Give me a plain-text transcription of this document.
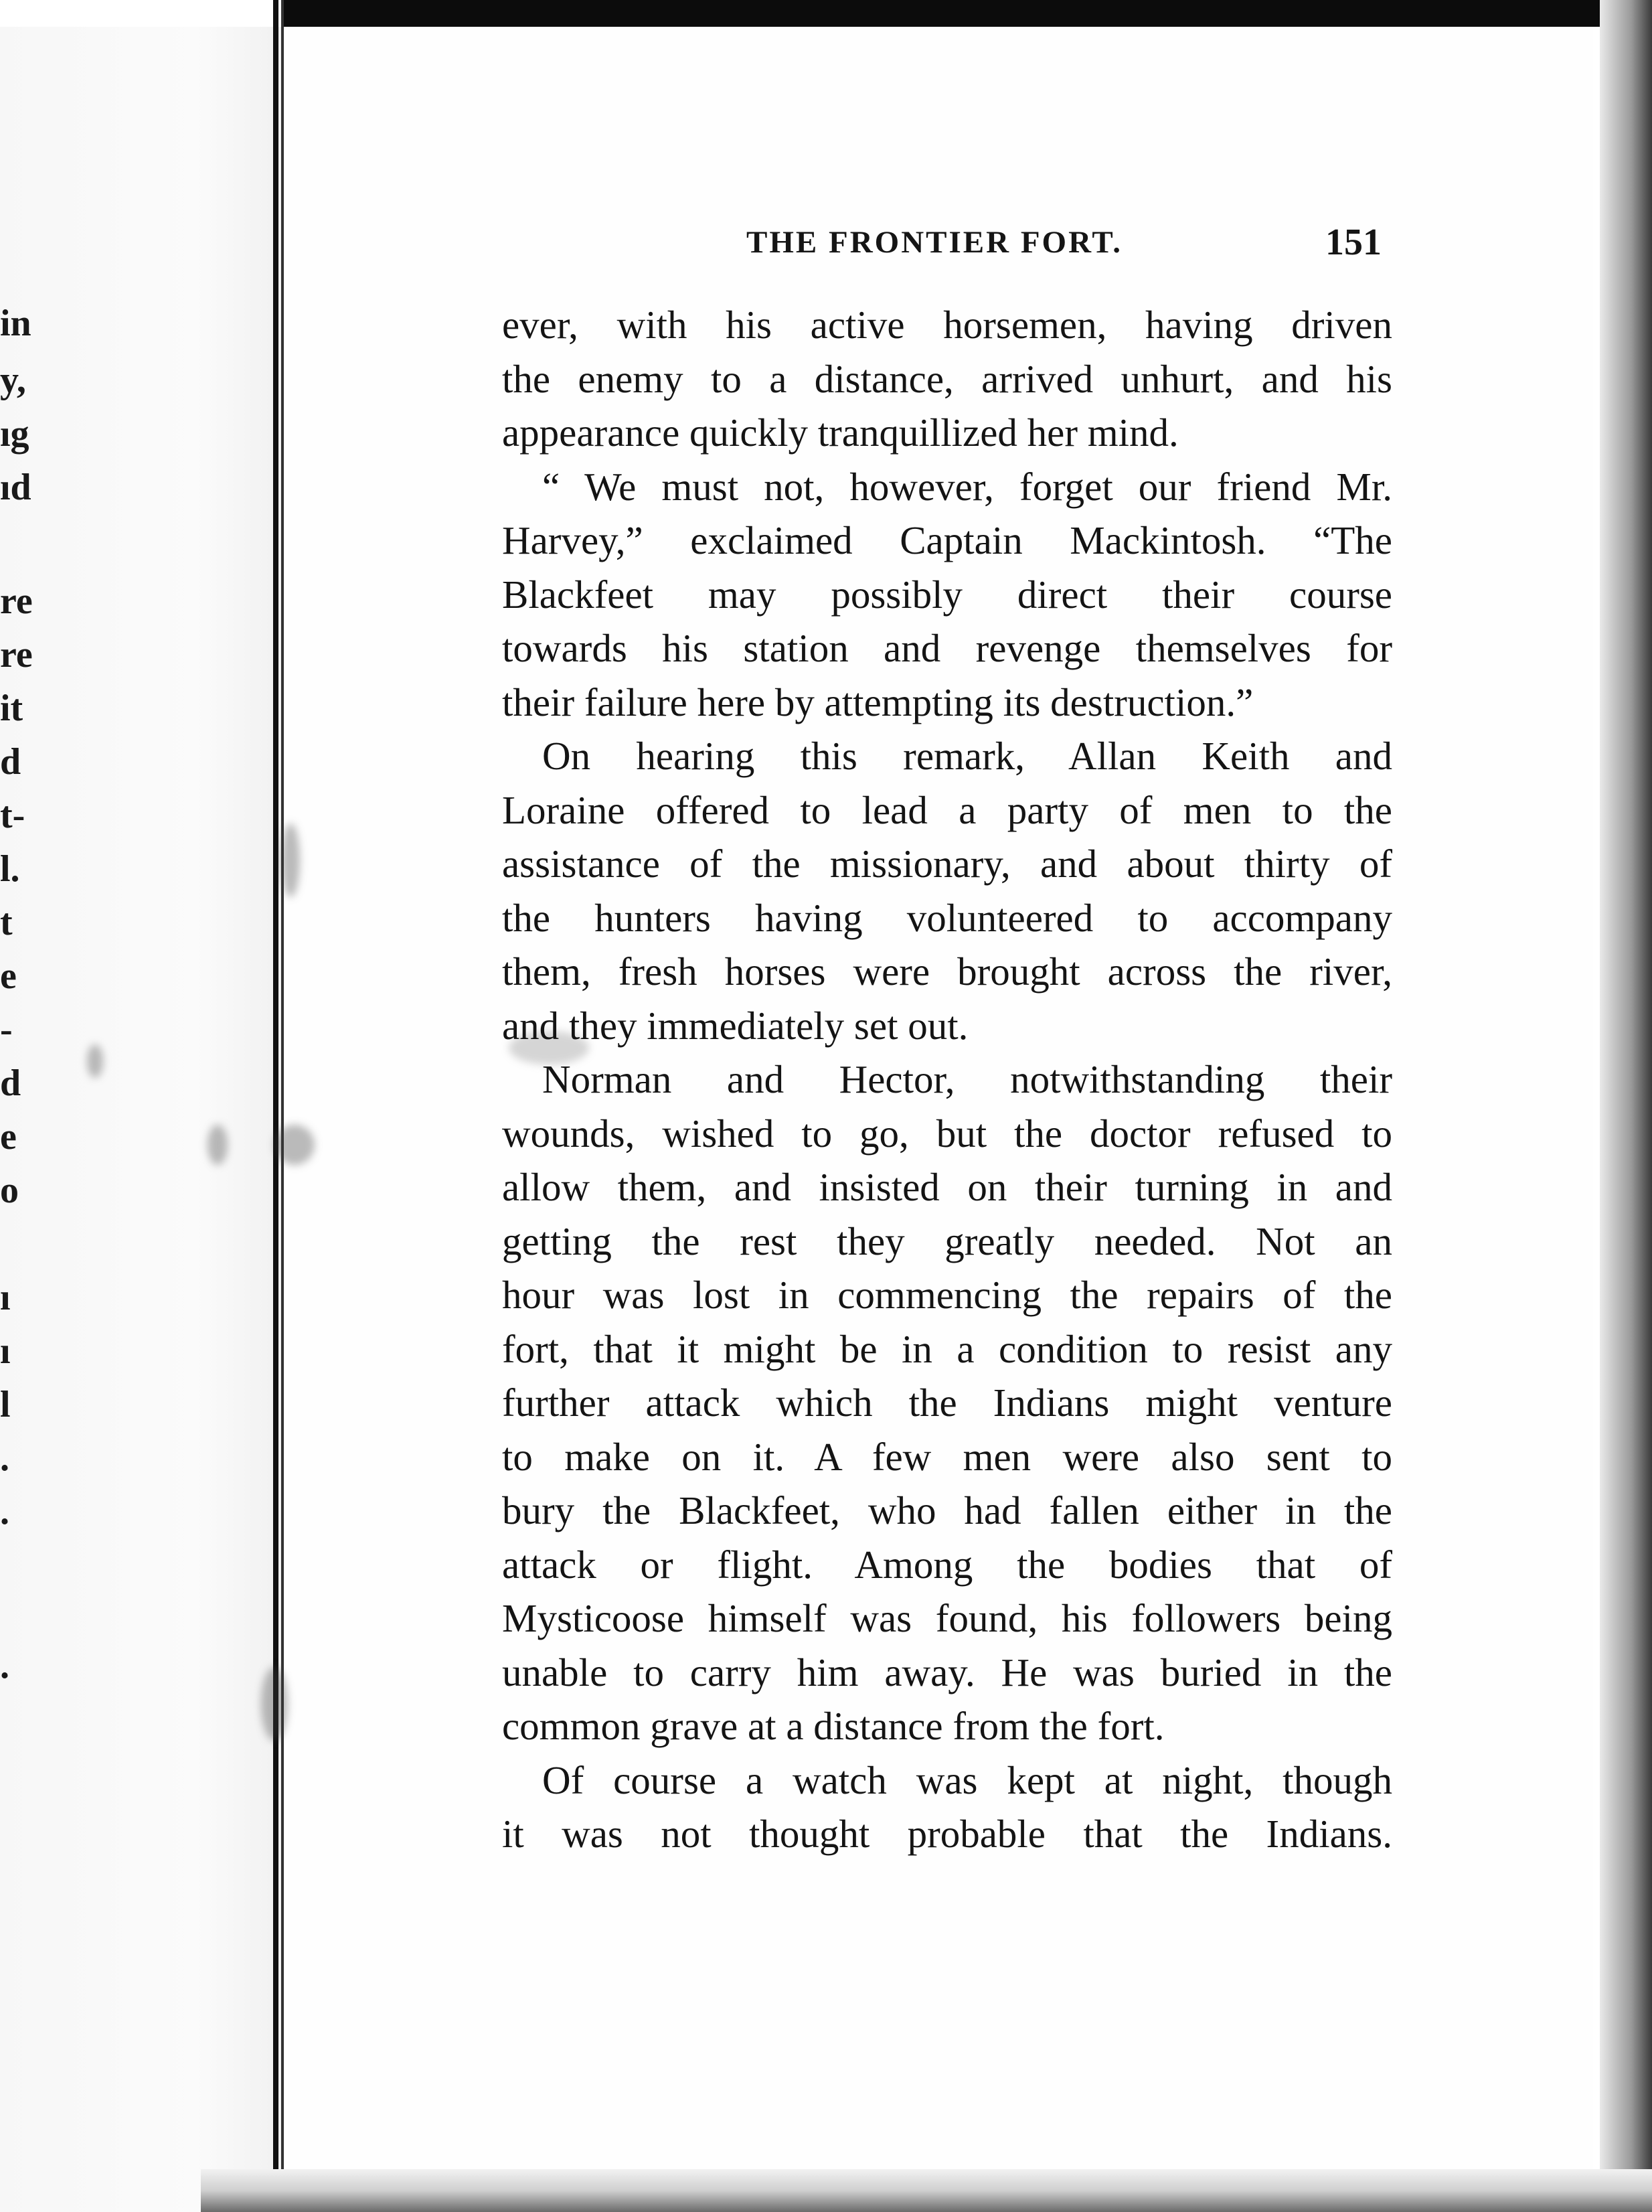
in
y,
ıg
ıd
re
re
it
d
t-
l.
t
e
-
d
e
o
ı
ı
l
.
.
.
THE FRONTIER FORT.	151
ever, with his active horsemen, having driven
the enemy to a distance, arrived unhurt, and his
appearance quickly tranquillized her mind.
“ We must not, however, forget our friend Mr.
Harvey,” exclaimed Captain Mackintosh. “The
Blackfeet may possibly direct their course
towards his station and revenge themselves for
their failure here by attempting its destruction.”
On hearing this remark, Allan Keith and
Loraine offered to lead a party of men to the
assistance of the missionary, and about thirty of
the hunters having volunteered to accompany
them, fresh horses were brought across the river,
and they immediately set out.
Norman and Hector, notwithstanding their
wounds, wished to go, but the doctor refused to
allow them, and insisted on their turning in and
getting the rest they greatly needed. Not an
hour was lost in commencing the repairs of the
fort, that it might be in a condition to resist any
further attack which the Indians might venture
to make on it. A few men were also sent to
bury the Blackfeet, who had fallen either in the
attack or flight. Among the bodies that of
Mysticoose himself was found, his followers being
unable to carry him away. He was buried in the
common grave at a distance from the fort.
Of course a watch was kept at night, though
it was not thought probable that the Indians.
